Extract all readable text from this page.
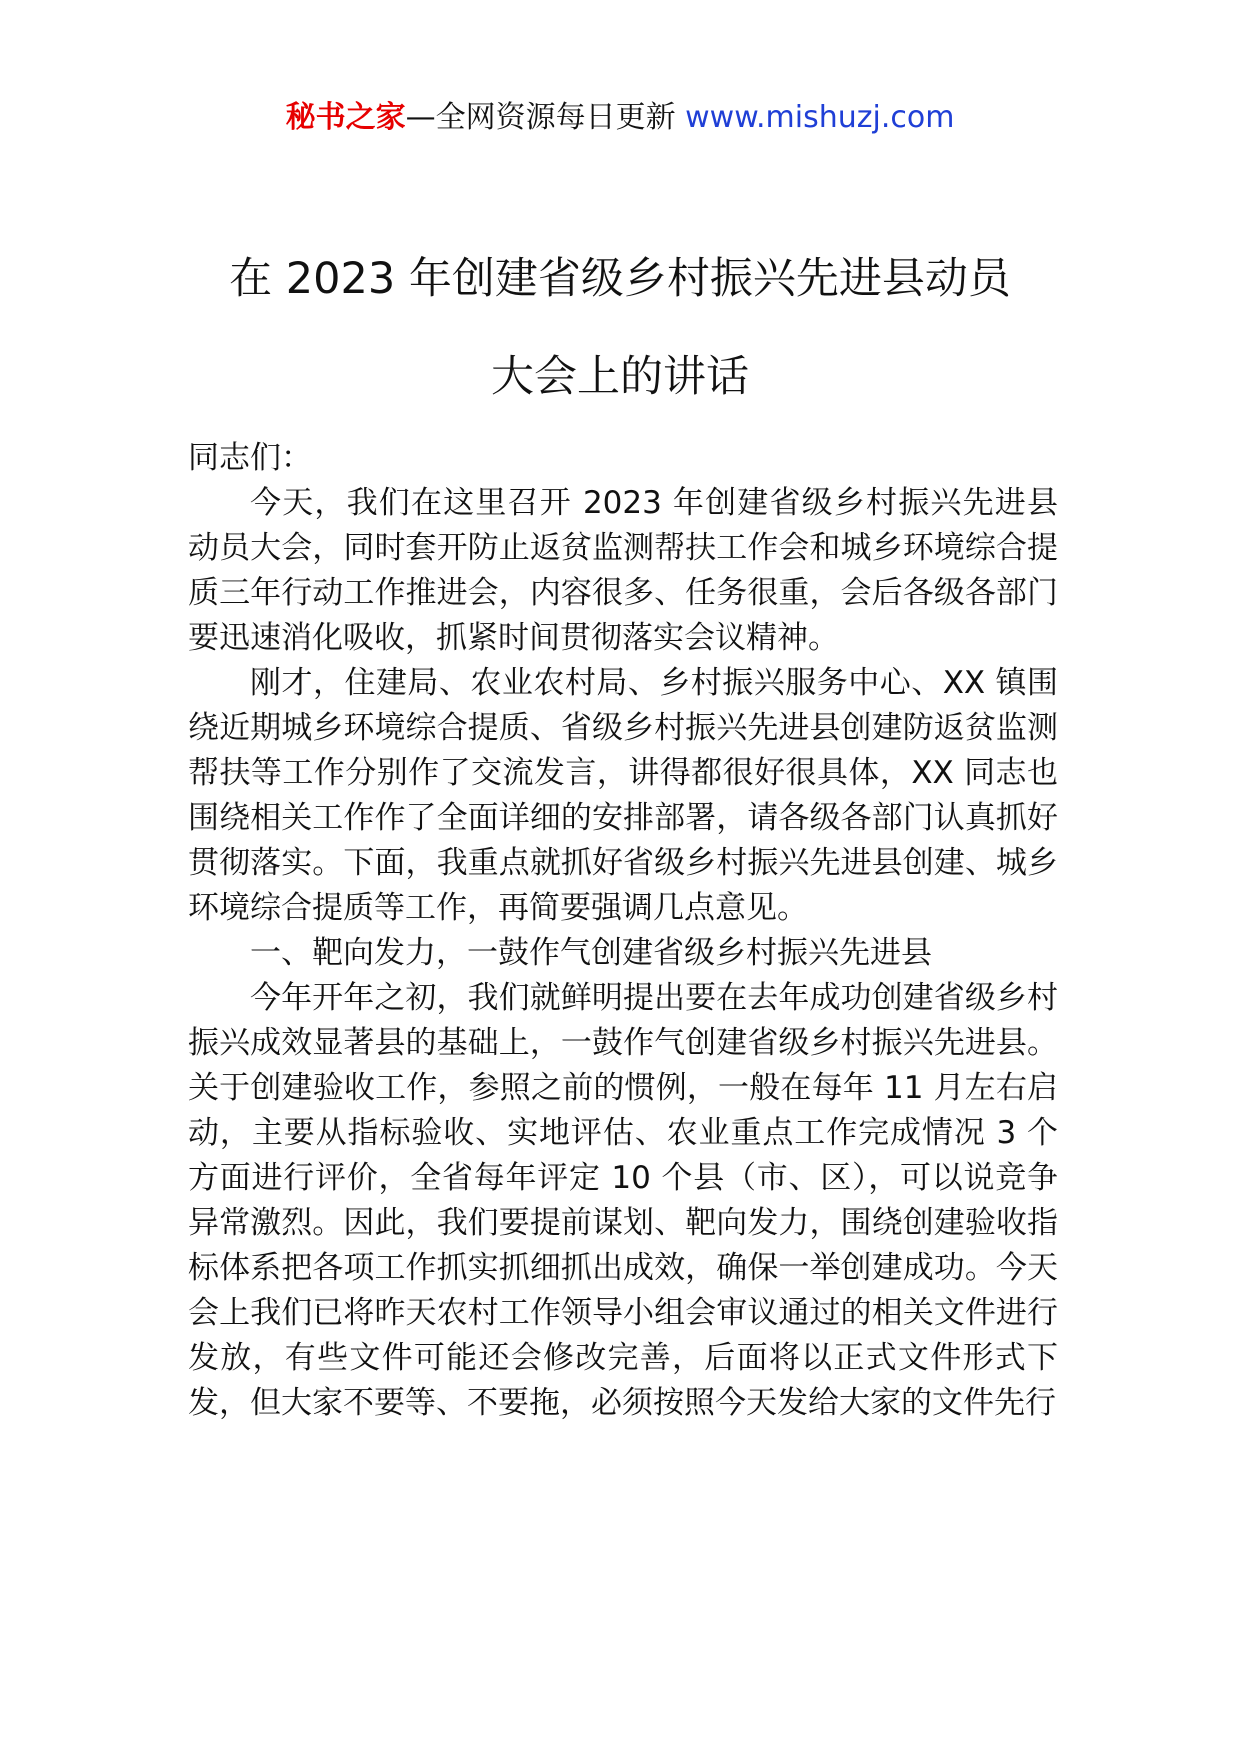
秘书之家—全网资源每日更新 www.mishuzj.com
在 2023 年创建省级乡村振兴先进县动员
大会上的讲话

同志们：

今天，我们在这里召开 2023 年创建省级乡村振兴先进县动员大会，同时套开防止返贫监测帮扶工作会和城乡环境综合提质三年行动工作推进会，内容很多、任务很重，会后各级各部门要迅速消化吸收，抓紧时间贯彻落实会议精神。

刚才，住建局、农业农村局、乡村振兴服务中心、XX 镇围绕近期城乡环境综合提质、省级乡村振兴先进县创建防返贫监测帮扶等工作分别作了交流发言，讲得都很好很具体，XX 同志也围绕相关工作作了全面详细的安排部署，请各级各部门认真抓好贯彻落实。下面，我重点就抓好省级乡村振兴先进县创建、城乡环境综合提质等工作，再简要强调几点意见。

一、靶向发力，一鼓作气创建省级乡村振兴先进县

今年开年之初，我们就鲜明提出要在去年成功创建省级乡村振兴成效显著县的基础上，一鼓作气创建省级乡村振兴先进县。关于创建验收工作，参照之前的惯例，一般在每年 11 月左右启动，主要从指标验收、实地评估、农业重点工作完成情况 3 个方面进行评价，全省每年评定 10 个县（市、区），可以说竞争异常激烈。因此，我们要提前谋划、靶向发力，围绕创建验收指标体系把各项工作抓实抓细抓出成效，确保一举创建成功。今天会上我们已将昨天农村工作领导小组会审议通过的相关文件进行发放，有些文件可能还会修改完善，后面将以正式文件形式下发，但大家不要等、不要拖，必须按照今天发给大家的文件先行
